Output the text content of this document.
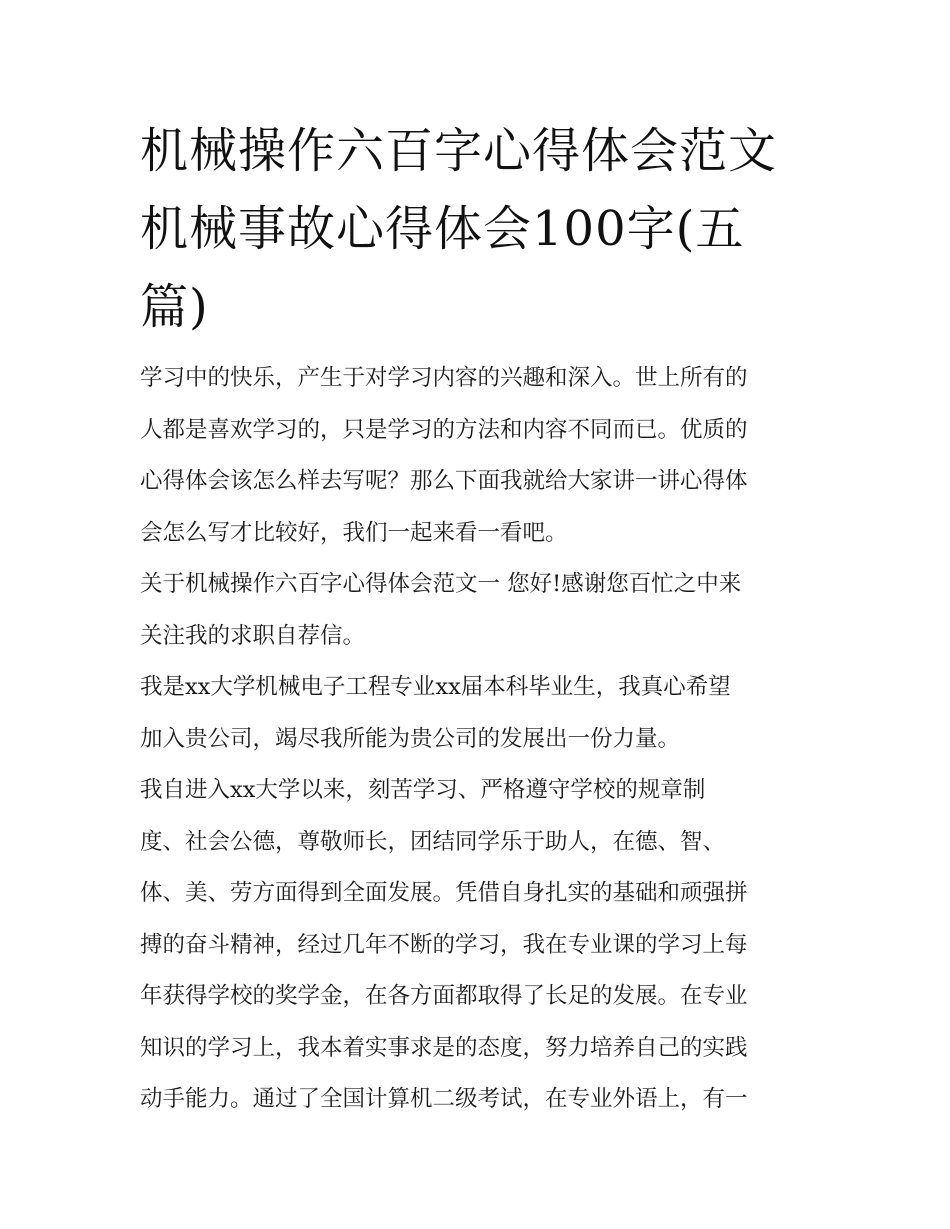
机械操作六百字心得体会范文
机械事故心得体会100字(五
篇)
学习中的快乐，产生于对学习内容的兴趣和深入。世上所有的
人都是喜欢学习的，只是学习的方法和内容不同而已。优质的
心得体会该怎么样去写呢？那么下面我就给大家讲一讲心得体
会怎么写才比较好，我们一起来看一看吧。
关于机械操作六百字心得体会范文一 您好!感谢您百忙之中来
关注我的求职自荐信。
我是xx大学机械电子工程专业xx届本科毕业生，我真心希望
加入贵公司，竭尽我所能为贵公司的发展出一份力量。
我自进入xx大学以来，刻苦学习、严格遵守学校的规章制
度、社会公德，尊敬师长，团结同学乐于助人，在德、智、
体、美、劳方面得到全面发展。凭借自身扎实的基础和顽强拼
搏的奋斗精神，经过几年不断的学习，我在专业课的学习上每
年获得学校的奖学金，在各方面都取得了长足的发展。在专业
知识的学习上，我本着实事求是的态度，努力培养自己的实践
动手能力。通过了全国计算机二级考试，在专业外语上，有一
